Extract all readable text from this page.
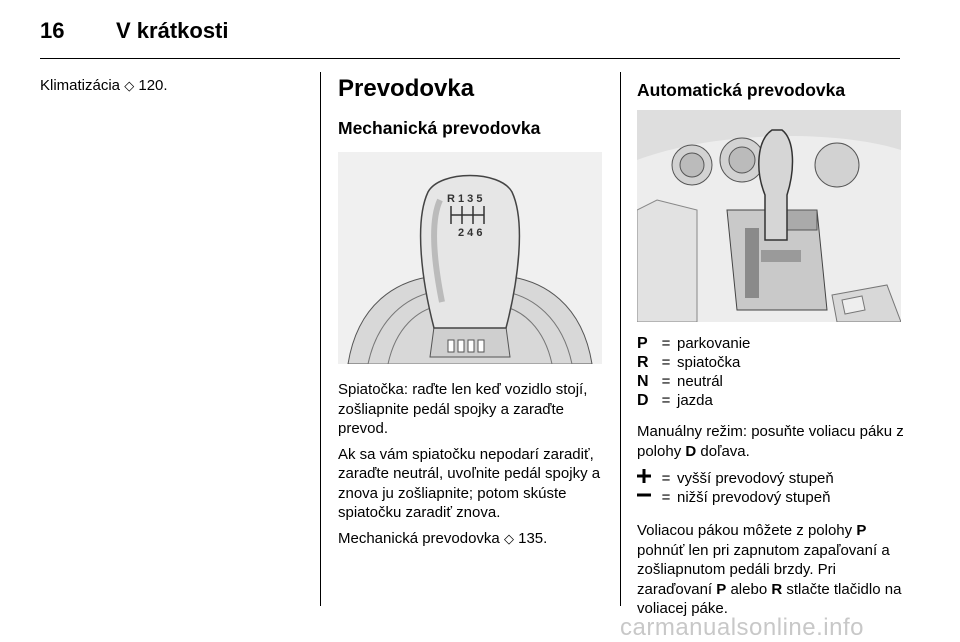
16 V krátkosti
Klimatizácia ◇ 120.	Prevodovka
Mechanická prevodovka
R 1 3 5
2 4 6

Spiatočka: raďte len keď vozidlo stojí, zošliapnite pedál spojky a zaraďte prevod.

Ak sa vám spiatočku nepodarí zaradiť, zaraďte neutrál, uvoľnite pedál spojky a znova ju zošliapnite; potom skúste spiatočku zaradiť znova.

Mechanická prevodovka ◇ 135.

Automatická prevodovka
P = parkovanie
R = spiatočka
N = neutrál
D = jazda

Manuálny režim: posuňte voliacu páku z polohy D doľava.

= vyšší prevodový stupeň
= nižší prevodový stupeň

Voliacou pákou môžete z polohy P pohnúť len pri zapnutom zapaľovaní a zošliapnutom pedáli brzdy. Pri zaraďovaní P alebo R stlačte tlačidlo na voliacej páke.

carmanualsonline.info
